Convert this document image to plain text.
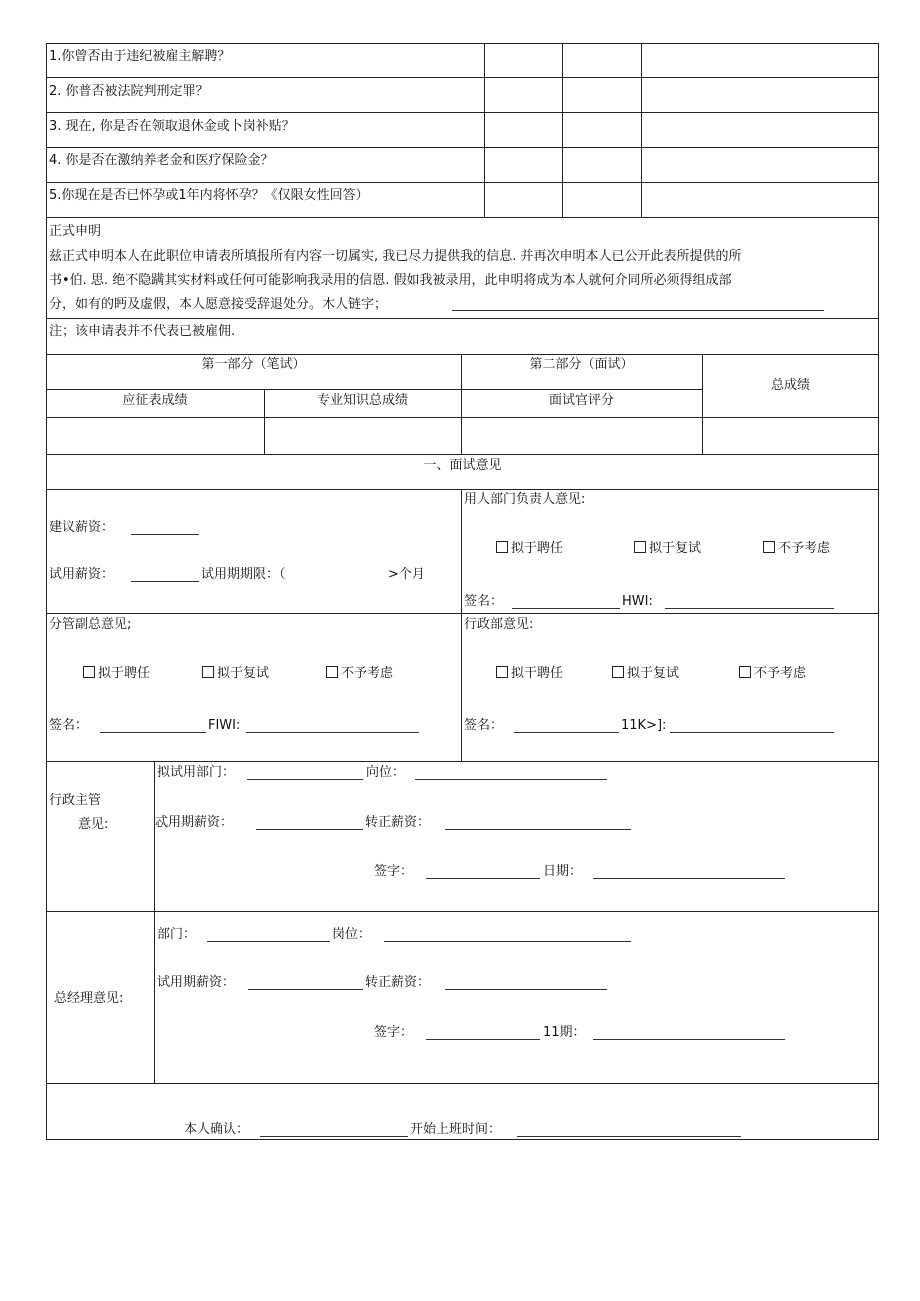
1.你曾否由于违纪被雇主解聘？
2. 你普否被法院判刑定罪？
3. 现在, 你是否在领取退休金或卜岗补贴？
4. 你是否在激纳养老金和医疗保险金？
5.你现在是否已怀孕或1年内将怀孕？《仅限女性回答）
正式申明
兹正式申明本人在此职位申请表所填报所有内容一切属实, 我已尽力提供我的信息. 并再次申明本人已公开此表所提供的所
书•伯. 思. 绝不隐蹒其实材料或任何可能影响我录用的信恩. 假如我被录用，此申明将成为本人就何介同所必须得组成部
分，如有的眄及虚假，本人愿意接受辞退处分。木人链字；
注；该申请表并不代表已被雇佣.
第一部分（笔试）	第二部分（面试）
总成绩
应征表成绩	专业知识总成绩	面试官评分
一、面试意见
建议薪资：
试用薪资：	试用期期限：（	>个月
用人部门负责人意见:
拟于聘任	拟于复试	不予考虑
签名：	HWI:
分管副总意见;
拟于聘任	拟于复试	不予考虑
签名：	FIWI:
行政部意见:
拟干聘任	拟于复试	不予考虑
签名：	11K>]:
行政主管
意见:
拟试用部门：	向位：
忒用期薪资：	转正薪资：
签字：	日期：
总经理意见:
部门：	岗位：
试用期薪资：	转正薪资：
签字：	11期：
本人确认：	开始上班时间：
